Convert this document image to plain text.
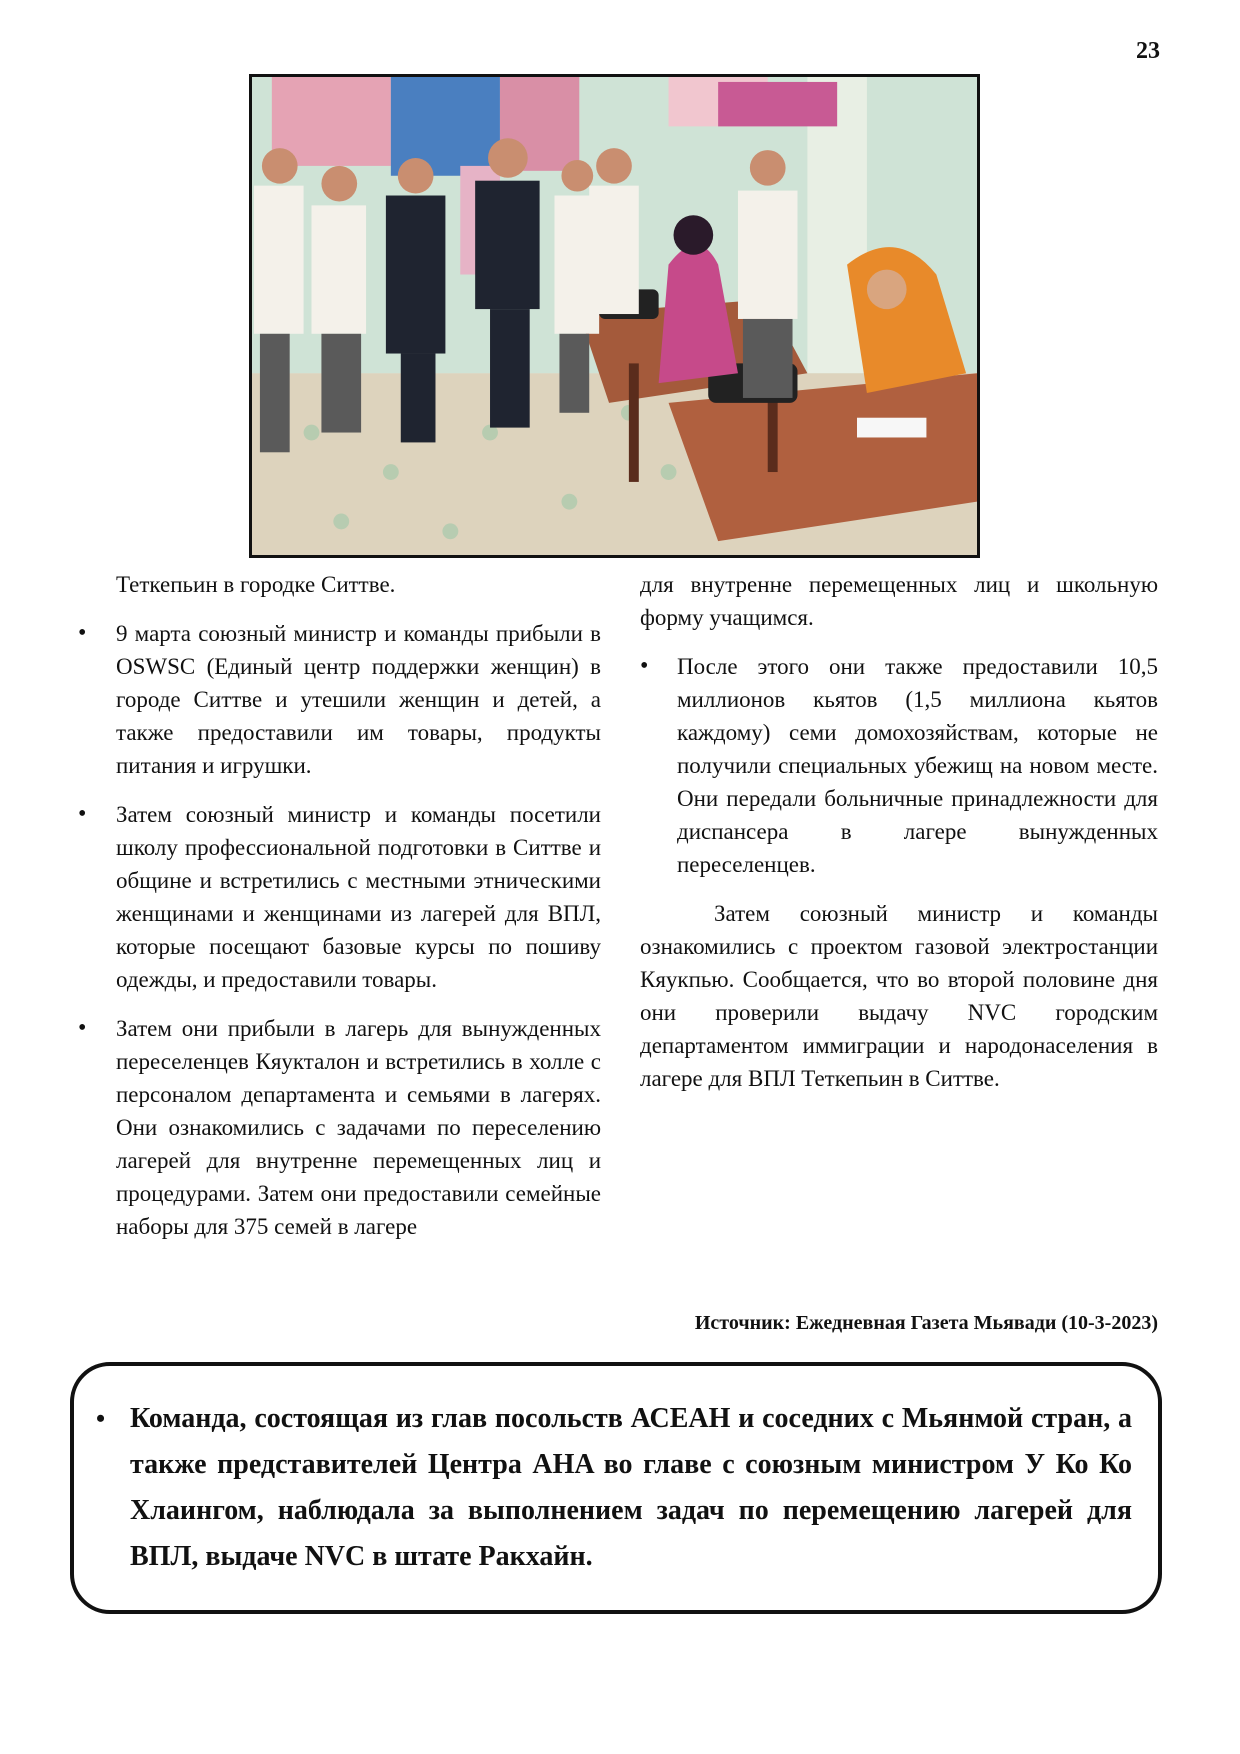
23

Теткепьин в городке Ситтве.

• 9 марта союзный министр и команды прибыли в OSWSC (Единый центр поддержки женщин) в городе Ситтве и утешили женщин и детей, а также предоставили им товары, продукты питания и игрушки.
• Затем союзный министр и команды посетили школу профессиональной подготовки в Ситтве и общине и встретились с местными этническими женщинами и женщинами из лагерей для ВПЛ, которые посещают базовые курсы по пошиву одежды, и предоставили товары.
• Затем они прибыли в лагерь для вынужденных переселенцев Кяукталон и встретились в холле с персоналом департамента и семьями в лагерях. Они ознакомились с задачами по переселению лагерей для внутренне перемещенных лиц и процедурами. Затем они предоставили семейные наборы для 375 семей в лагере

для внутренне перемещенных лиц и школьную форму учащимся.

• После этого они также предоставили 10,5 миллионов кьятов (1,5 миллиона кьятов каждому) семи домохозяйствам, которые не получили специальных убежищ на новом месте. Они передали больничные принадлежности для диспансера в лагере вынужденных переселенцев.

Затем союзный министр и команды ознакомились с проектом газовой электростанции Кяукпью. Сообщается, что во второй половине дня они проверили выдачу NVC городским департаментом иммиграции и народонаселения в лагере для ВПЛ Теткепьин в Ситтве.

Источник: Ежедневная Газета Мьявади (10-3-2023)
• Команда, состоящая из глав посольств АСЕАН и соседних с Мьянмой стран, а также представителей Центра AHA во главе с союзным министром У Ко Ко Хлаингом, наблюдала за выполнением задач по перемещению лагерей для ВПЛ, выдаче NVC в штате Ракхайн.
